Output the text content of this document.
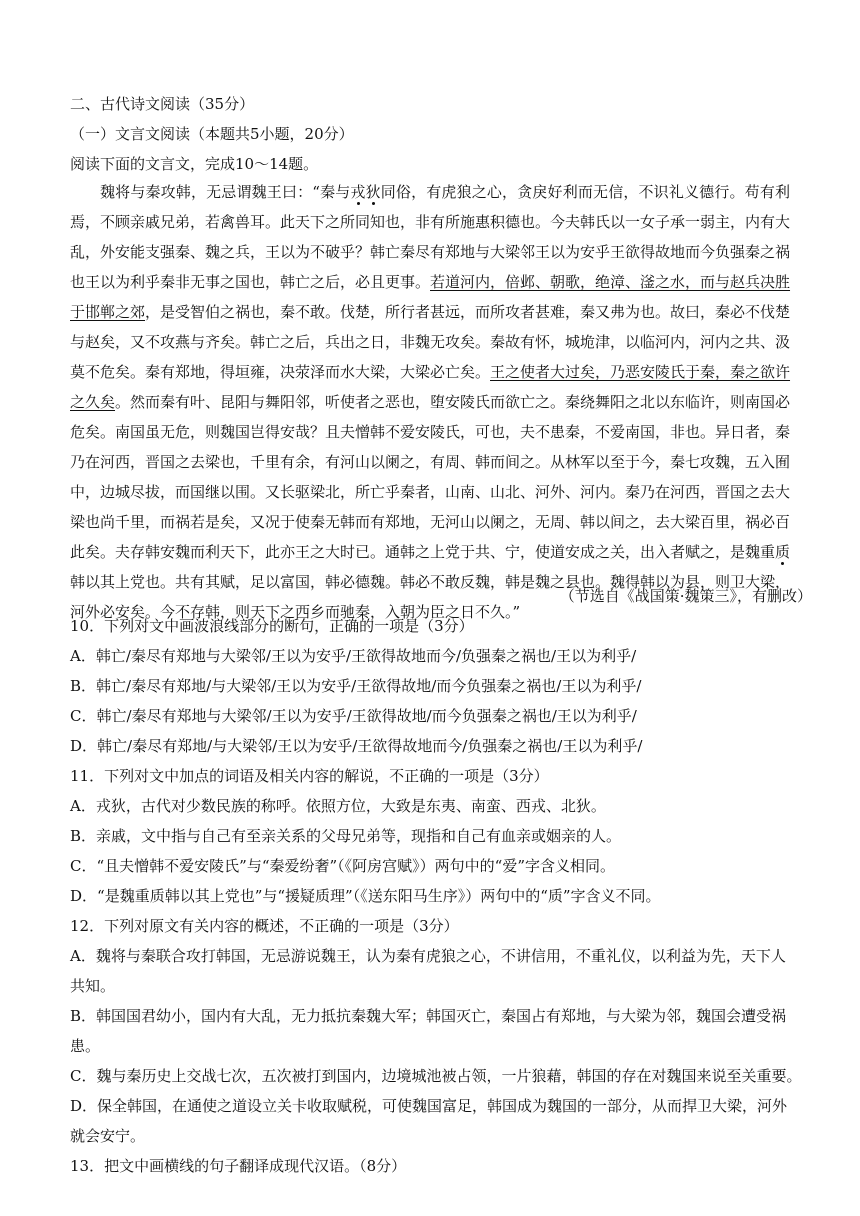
二、古代诗文阅读（35分）
（一）文言文阅读（本题共5小题，20分）
阅读下面的文言文，完成10～14题。
魏将与秦攻韩，无忌谓魏王曰：“秦与戎狄同俗，有虎狼之心，贪戾好利而无信，不识礼义德行。苟有利
焉，不顾亲戚兄弟，若禽兽耳。此天下之所同知也，非有所施惠积德也。今夫韩氏以一女子承一弱主，内有大
乱，外安能支强秦、魏之兵，王以为不破乎？韩亡秦尽有郑地与大梁邻王以为安乎王欲得故地而今负强秦之祸
也王以为利乎秦非无事之国也，韩亡之后，必且更事。若道河内，倍邺、朝歌，绝漳、滏之水，而与赵兵决胜
于邯郸之郊，是受智伯之祸也，秦不敢。伐楚，所行者甚远，而所攻者甚难，秦又弗为也。故曰，秦必不伐楚
与赵矣，又不攻燕与齐矣。韩亡之后，兵出之日，非魏无攻矣。秦故有怀，城垝津，以临河内，河内之共、汲
莫不危矣。秦有郑地，得垣雍，决荥泽而水大梁，大梁必亡矣。王之使者大过矣，乃恶安陵氏于秦，秦之欲许
之久矣。然而秦有叶、昆阳与舞阳邻，听使者之恶也，堕安陵氏而欲亡之。秦绕舞阳之北以东临许，则南国必
危矣。南国虽无危，则魏国岂得安哉？且夫憎韩不爱安陵氏，可也，夫不患秦，不爱南国，非也。异日者，秦
乃在河西，晋国之去梁也，千里有余，有河山以阑之，有周、韩而间之。从林军以至于今，秦七攻魏，五入囿
中，边城尽拔，而国继以围。又长驱梁北，所亡乎秦者，山南、山北、河外、河内。秦乃在河西，晋国之去大
梁也尚千里，而祸若是矣，又况于使秦无韩而有郑地，无河山以阑之，无周、韩以间之，去大梁百里，祸必百
此矣。夫存韩安魏而利天下，此亦王之大时已。通韩之上党于共、宁，使道安成之关，出入者赋之，是魏重质
韩以其上党也。共有其赋，足以富国，韩必德魏。韩必不敢反魏，韩是魏之县也。魏得韩以为县，则卫大梁，
河外必安矣。今不存韩，则天下之西乡而驰秦，入朝为臣之日不久。”
（节选自《战国策·魏策三》，有删改）
10．下列对文中画波浪线部分的断句，正确的一项是（3分）
A．韩亡/秦尽有郑地与大梁邻/王以为安乎/王欲得故地而今/负强秦之祸也/王以为利乎/
B．韩亡/秦尽有郑地/与大梁邻/王以为安乎/王欲得故地/而今负强秦之祸也/王以为利乎/
C．韩亡/秦尽有郑地与大梁邻/王以为安乎/王欲得故地/而今负强秦之祸也/王以为利乎/
D．韩亡/秦尽有郑地/与大梁邻/王以为安乎/王欲得故地而今/负强秦之祸也/王以为利乎/
11．下列对文中加点的词语及相关内容的解说，不正确的一项是（3分）
A．戎狄，古代对少数民族的称呼。依照方位，大致是东夷、南蛮、西戎、北狄。
B．亲戚，文中指与自己有至亲关系的父母兄弟等，现指和自己有血亲或姻亲的人。
C．“且夫憎韩不爱安陵氏”与“秦爱纷奢”（《阿房宫赋》）两句中的“爱”字含义相同。
D．“是魏重质韩以其上党也”与“援疑质理”（《送东阳马生序》）两句中的“质”字含义不同。
12．下列对原文有关内容的概述，不正确的一项是（3分）
A．魏将与秦联合攻打韩国，无忌游说魏王，认为秦有虎狼之心，不讲信用，不重礼仪，以利益为先，天下人
共知。
B．韩国国君幼小，国内有大乱，无力抵抗秦魏大军；韩国灭亡，秦国占有郑地，与大梁为邻，魏国会遭受祸
患。
C．魏与秦历史上交战七次，五次被打到国内，边境城池被占领，一片狼藉，韩国的存在对魏国来说至关重要。
D．保全韩国，在通使之道设立关卡收取赋税，可使魏国富足，韩国成为魏国的一部分，从而捍卫大梁，河外
就会安宁。
13．把文中画横线的句子翻译成现代汉语。（8分）
